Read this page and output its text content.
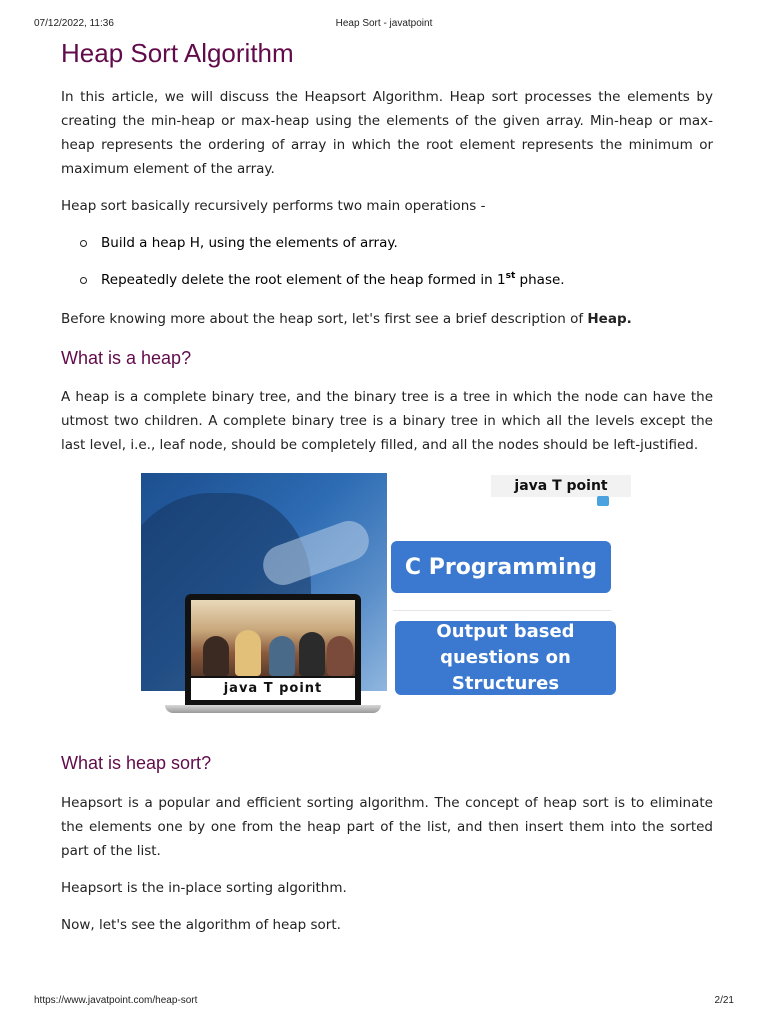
07/12/2022, 11:36	Heap Sort - javatpoint
Heap Sort Algorithm

In this article, we will discuss the Heapsort Algorithm. Heap sort processes the elements by creating the min-heap or max-heap using the elements of the given array. Min-heap or max-heap represents the ordering of array in which the root element represents the minimum or maximum element of the array.

Heap sort basically recursively performs two main operations -

Build a heap H, using the elements of array.
Repeatedly delete the root element of the heap formed in 1st phase.

Before knowing more about the heap sort, let's first see a brief description of Heap.

What is a heap?

A heap is a complete binary tree, and the binary tree is a tree in which the node can have the utmost two children. A complete binary tree is a binary tree in which all the levels except the last level, i.e., leaf node, should be completely filled, and all the nodes should be left-justified.

java T point
java T point
C Programming
Output based
questions on
Structures
What is heap sort?

Heapsort is a popular and efficient sorting algorithm. The concept of heap sort is to eliminate the elements one by one from the heap part of the list, and then insert them into the sorted part of the list.

Heapsort is the in-place sorting algorithm.

Now, let's see the algorithm of heap sort.

https://www.javatpoint.com/heap-sort	2/21
